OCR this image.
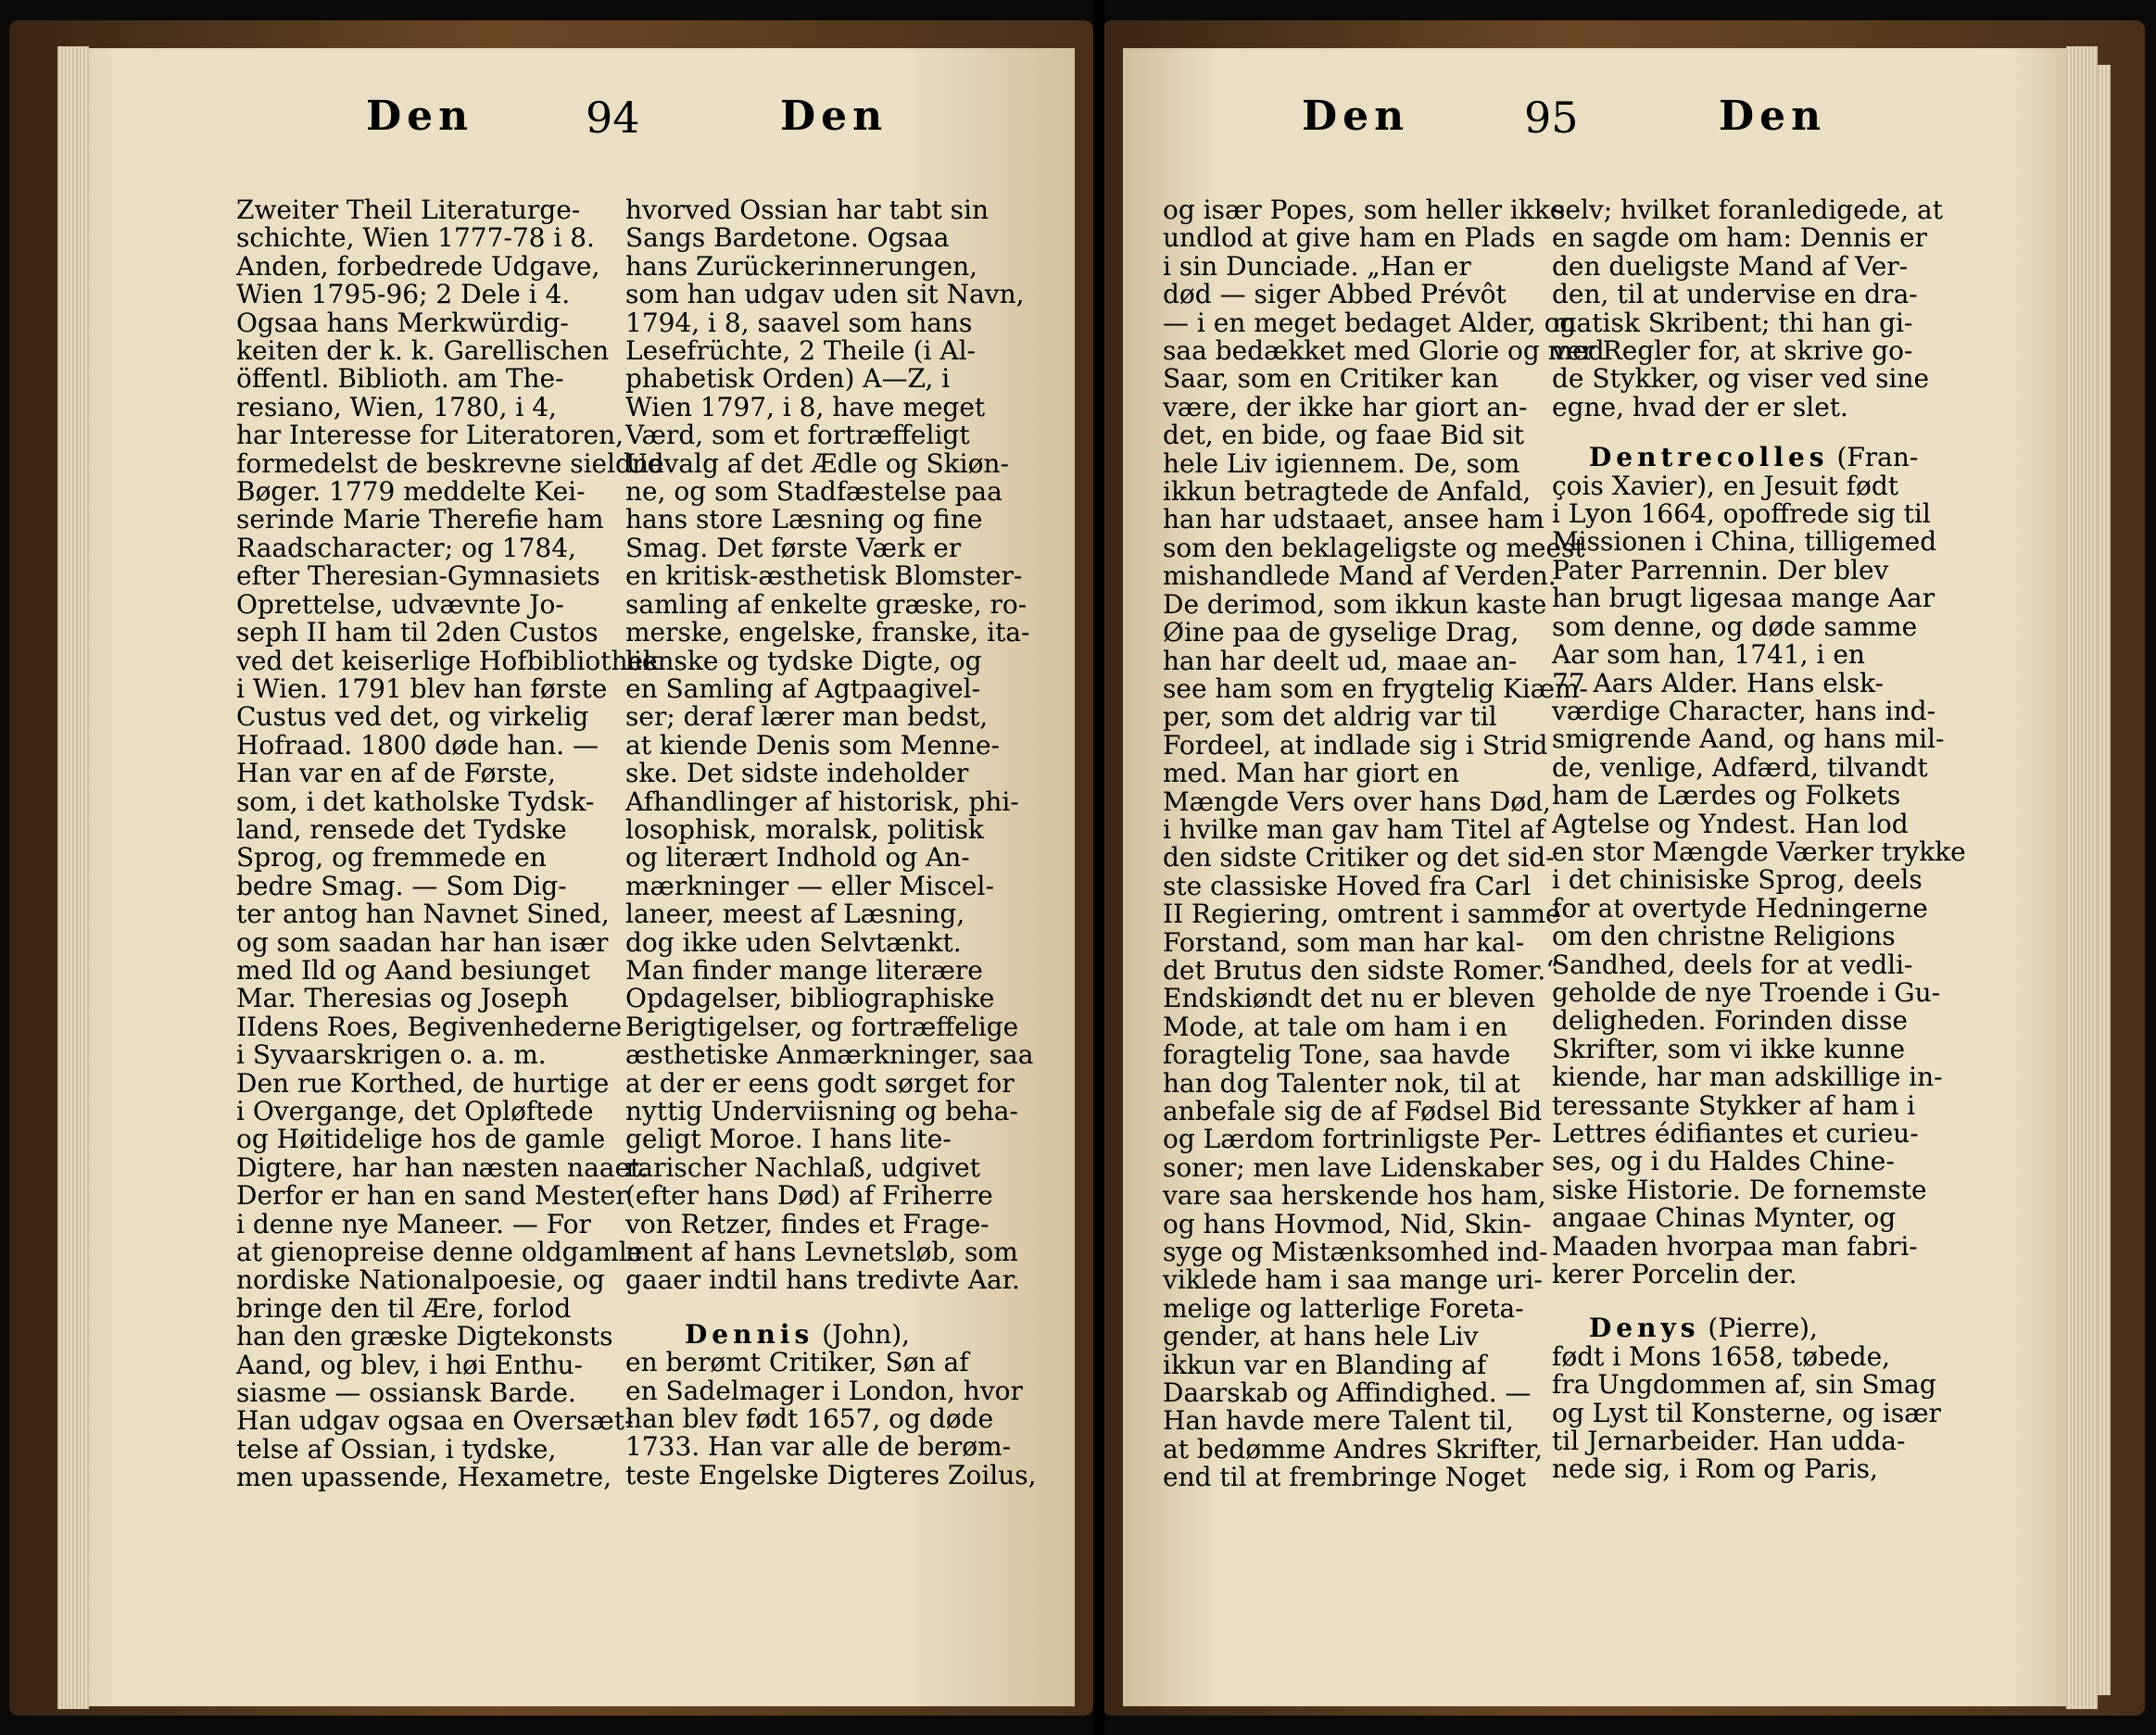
Den	94	Den
Zweiter Theil Literaturge-
schichte, Wien 1777-78 i 8.
Anden, forbedrede Udgave,
Wien 1795-96; 2 Dele i 4.
Ogsaa hans Merkwürdig-
keiten der k. k. Garellischen
öffentl. Biblioth. am The-
resiano, Wien, 1780, i 4,
har Interesse for Literatoren,
formedelst de beskrevne sieldne
Bøger. 1779 meddelte Kei-
serinde Marie Therefie ham
Raadscharacter; og 1784,
efter Theresian-Gymnasiets
Oprettelse, udvævnte Jo-
seph II ham til 2den Custos
ved det keiserlige Hofbibliothek
i Wien. 1791 blev han første
Custus ved det, og virkelig
Hofraad. 1800 døde han. —
Han var en af de Første,
som, i det katholske Tydsk-
land, rensede det Tydske
Sprog, og fremmede en
bedre Smag. — Som Dig-
ter antog han Navnet Sined,
og som saadan har han især
med Ild og Aand besiunget
Mar. Theresias og Joseph
IIdens Roes, Begivenhederne
i Syvaarskrigen o. a. m.
Den rue Korthed, de hurtige
i Overgange, det Opløftede
og Høitidelige hos de gamle
Digtere, har han næsten naaet.
Derfor er han en sand Mester
i denne nye Maneer. — For
at gienopreise denne oldgamle
nordiske Nationalpoesie, og
bringe den til Ære, forlod
han den græske Digtekonsts
Aand, og blev, i høi Enthu-
siasme — ossiansk Barde.
Han udgav ogsaa en Oversæt-
telse af Ossian, i tydske,
men upassende, Hexametre,
hvorved Ossian har tabt sin
Sangs Bardetone. Ogsaa
hans Zurückerinnerungen,
som han udgav uden sit Navn,
1794, i 8, saavel som hans
Lesefrüchte, 2 Theile (i Al-
phabetisk Orden) A—Z, i
Wien 1797, i 8, have meget
Værd, som et fortræffeligt
Udvalg af det Ædle og Skiøn-
ne, og som Stadfæstelse paa
hans store Læsning og fine
Smag. Det første Værk er
en kritisk-æsthetisk Blomster-
samling af enkelte græske, ro-
merske, engelske, franske, ita-
lienske og tydske Digte, og
en Samling af Agtpaagivel-
ser; deraf lærer man bedst,
at kiende Denis som Menne-
ske. Det sidste indeholder
Afhandlinger af historisk, phi-
losophisk, moralsk, politisk
og literært Indhold og An-
mærkninger — eller Miscel-
laneer, meest af Læsning,
dog ikke uden Selvtænkt.
Man finder mange literære
Opdagelser, bibliographiske
Berigtigelser, og fortræffelige
æsthetiske Anmærkninger, saa
at der er eens godt sørget for
nyttig Underviisning og beha-
geligt Moroe. I hans lite-
rarischer Nachlaß, udgivet
(efter hans Død) af Friherre
von Retzer, findes et Frage-
ment af hans Levnetsløb, som
gaaer indtil hans tredivte Aar.
Dennis (John),
en berømt Critiker, Søn af
en Sadelmager i London, hvor
han blev født 1657, og døde
1733. Han var alle de berøm-
teste Engelske Digteres Zoilus,
Den	95	Den
og især Popes, som heller ikke
undlod at give ham en Plads
i sin Dunciade. „Han er
død — siger Abbed Prévôt
— i en meget bedaget Alder, og
saa bedækket med Glorie og med
Saar, som en Critiker kan
være, der ikke har giort an-
det, en bide, og faae Bid sit
hele Liv igiennem. De, som
ikkun betragtede de Anfald,
han har udstaaet, ansee ham
som den beklageligste og meest
mishandlede Mand af Verden.
De derimod, som ikkun kaste
Øine paa de gyselige Drag,
han har deelt ud, maae an-
see ham som en frygtelig Kiæm-
per, som det aldrig var til
Fordeel, at indlade sig i Strid
med. Man har giort en
Mængde Vers over hans Død,
i hvilke man gav ham Titel af
den sidste Critiker og det sid-
ste classiske Hoved fra Carl
II Regiering, omtrent i samme
Forstand, som man har kal-
det Brutus den sidste Romer.“
Endskiøndt det nu er bleven
Mode, at tale om ham i en
foragtelig Tone, saa havde
han dog Talenter nok, til at
anbefale sig de af Fødsel Bid
og Lærdom fortrinligste Per-
soner; men lave Lidenskaber
vare saa herskende hos ham,
og hans Hovmod, Nid, Skin-
syge og Mistænksomhed ind-
viklede ham i saa mange uri-
melige og latterlige Foreta-
gender, at hans hele Liv
ikkun var en Blanding af
Daarskab og Affindighed. —
Han havde mere Talent til,
at bedømme Andres Skrifter,
end til at frembringe Noget
selv; hvilket foranledigede, at
en sagde om ham: Dennis er
den dueligste Mand af Ver-
den, til at undervise en dra-
matisk Skribent; thi han gi-
ver Regler for, at skrive go-
de Stykker, og viser ved sine
egne, hvad der er slet.
Dentrecolles (Fran-
çois Xavier), en Jesuit født
i Lyon 1664, opoffrede sig til
Missionen i China, tilligemed
Pater Parrennin. Der blev
han brugt ligesaa mange Aar
som denne, og døde samme
Aar som han, 1741, i en
77 Aars Alder. Hans elsk-
værdige Character, hans ind-
smigrende Aand, og hans mil-
de, venlige, Adfærd, tilvandt
ham de Lærdes og Folkets
Agtelse og Yndest. Han lod
en stor Mængde Værker trykke
i det chinisiske Sprog, deels
for at overtyde Hedningerne
om den christne Religions
Sandhed, deels for at vedli-
geholde de nye Troende i Gu-
deligheden. Forinden disse
Skrifter, som vi ikke kunne
kiende, har man adskillige in-
teressante Stykker af ham i
Lettres édifiantes et curieu-
ses, og i du Haldes Chine-
siske Historie. De fornemste
angaae Chinas Mynter, og
Maaden hvorpaa man fabri-
kerer Porcelin der.
Denys (Pierre),
født i Mons 1658, tøbede,
fra Ungdommen af, sin Smag
og Lyst til Konsterne, og især
til Jernarbeider. Han udda-
nede sig, i Rom og Paris,
